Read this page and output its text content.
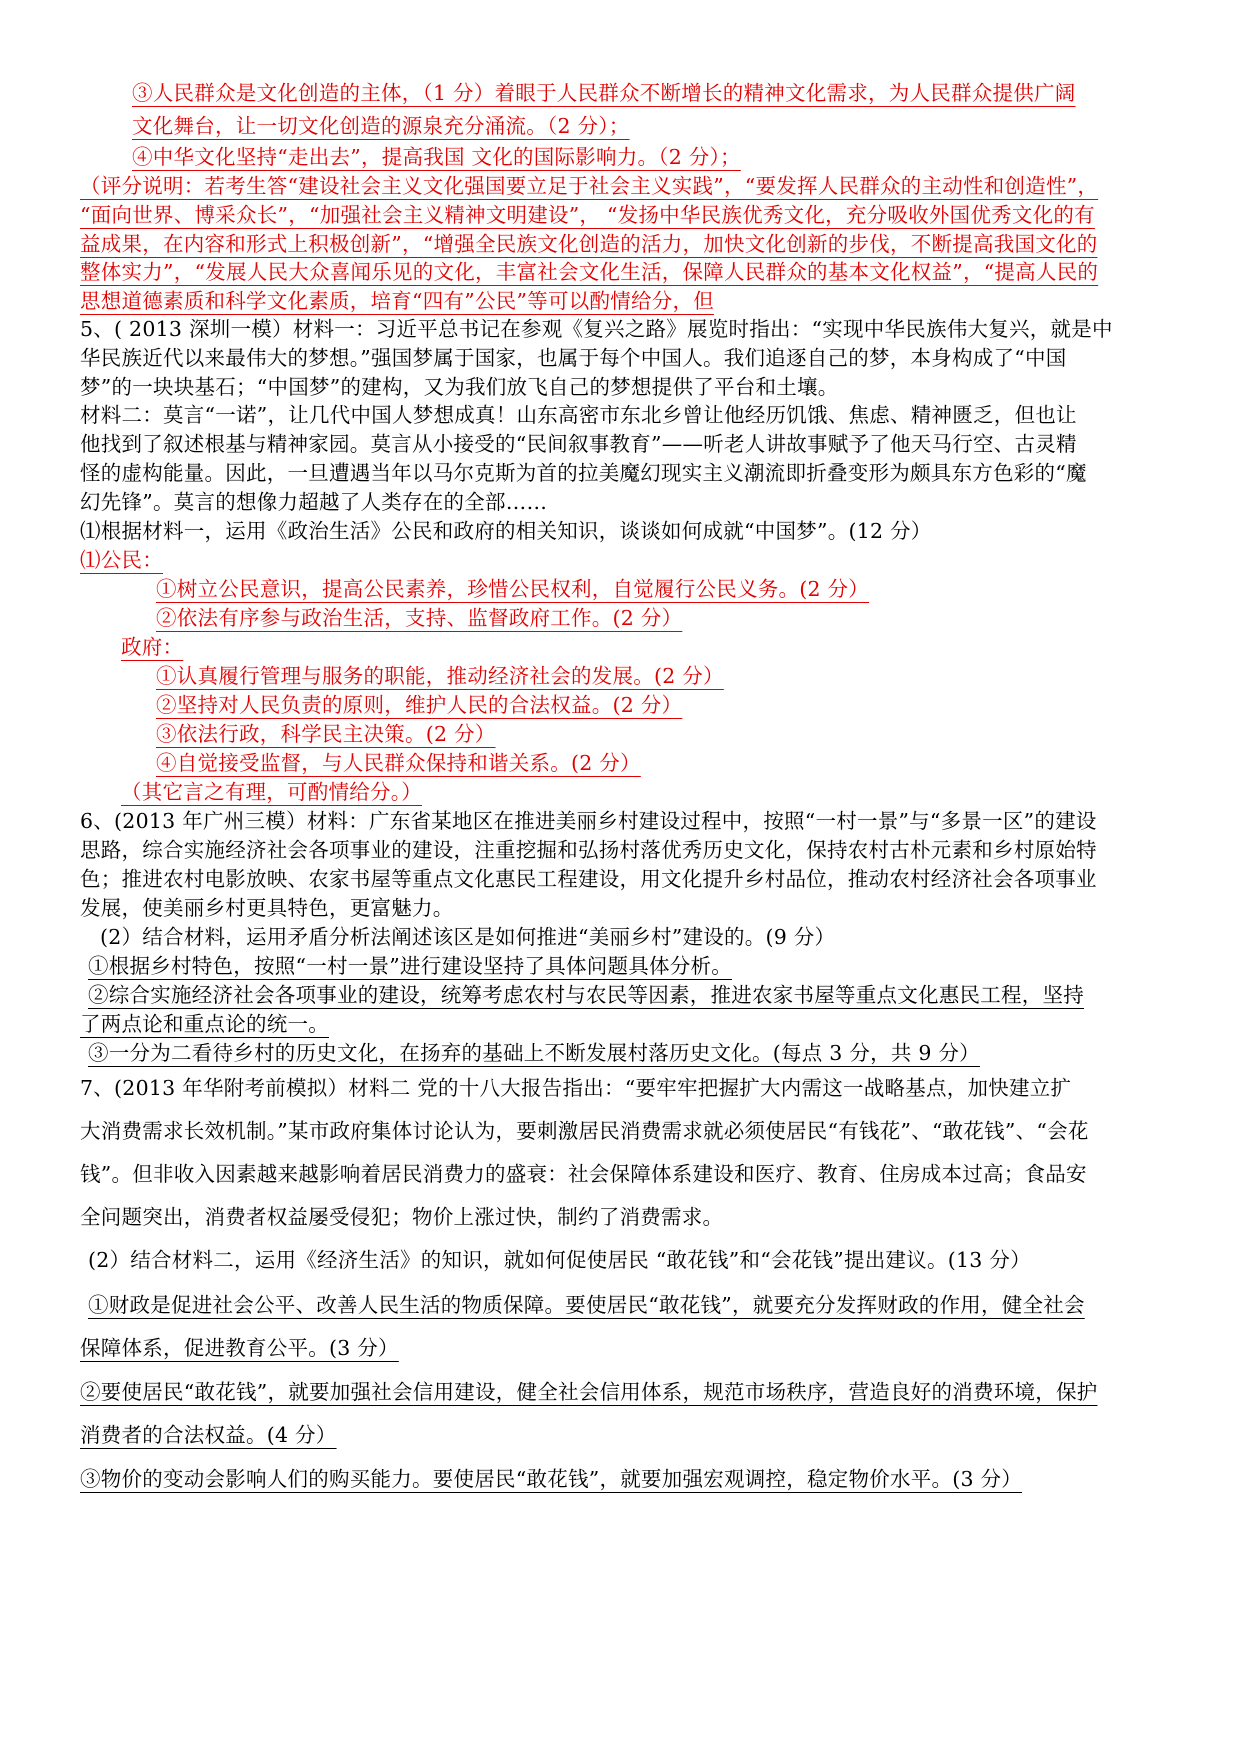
③人民群众是文化创造的主体，（1 分）着眼于人民群众不断增长的精神文化需求，为人民群众提供广阔
文化舞台，让一切文化创造的源泉充分涌流。（2 分）；
④中华文化坚持“走出去”，提高我国 文化的国际影响力。（2 分）；
（评分说明：若考生答“建设社会主义文化强国要立足于社会主义实践”，“要发挥人民群众的主动性和创造性”，
“面向世界、博采众长”，“加强社会主义精神文明建设”， “发扬中华民族优秀文化，充分吸收外国优秀文化的有
益成果，在内容和形式上积极创新”，“增强全民族文化创造的活力，加快文化创新的步伐，不断提高我国文化的
整体实力”，“发展人民大众喜闻乐见的文化，丰富社会文化生活，保障人民群众的基本文化权益”，“提高人民的
思想道德素质和科学文化素质，培育“四有”公民”等可以酌情给分，但
5、( 2013 深圳一模）材料一：习近平总书记在参观《复兴之路》展览时指出：“实现中华民族伟大复兴，就是中
华民族近代以来最伟大的梦想。”强国梦属于国家，也属于每个中国人。我们追逐自己的梦，本身构成了“中国
梦”的一块块基石；“中国梦”的建构，又为我们放飞自己的梦想提供了平台和土壤。
材料二：莫言“一诺”，让几代中国人梦想成真！山东高密市东北乡曾让他经历饥饿、焦虑、精神匮乏，但也让
他找到了叙述根基与精神家园。莫言从小接受的“民间叙事教育”——听老人讲故事赋予了他天马行空、古灵精
怪的虚构能量。因此，一旦遭遇当年以马尔克斯为首的拉美魔幻现实主义潮流即折叠变形为颇具东方色彩的“魔
幻先锋”。莫言的想像力超越了人类存在的全部……
⑴根据材料一，运用《政治生活》公民和政府的相关知识，谈谈如何成就“中国梦”。(12 分）
⑴公民：
①树立公民意识，提高公民素养，珍惜公民权利，自觉履行公民义务。(2 分）
②依法有序参与政治生活，支持、监督政府工作。(2 分）
政府：
①认真履行管理与服务的职能，推动经济社会的发展。(2 分）
②坚持对人民负责的原则，维护人民的合法权益。(2 分）
③依法行政，科学民主决策。(2 分）
④自觉接受监督，与人民群众保持和谐关系。(2 分）
（其它言之有理，可酌情给分。）
6、(2013 年广州三模）材料：广东省某地区在推进美丽乡村建设过程中，按照“一村一景”与“多景一区”的建设
思路，综合实施经济社会各项事业的建设，注重挖掘和弘扬村落优秀历史文化，保持农村古朴元素和乡村原始特
色；推进农村电影放映、农家书屋等重点文化惠民工程建设，用文化提升乡村品位，推动农村经济社会各项事业
发展，使美丽乡村更具特色，更富魅力。
(2）结合材料，运用矛盾分析法阐述该区是如何推进“美丽乡村”建设的。(9 分）
①根据乡村特色，按照“一村一景”进行建设坚持了具体问题具体分析。
②综合实施经济社会各项事业的建设，统筹考虑农村与农民等因素，推进农家书屋等重点文化惠民工程，坚持
了两点论和重点论的统一。
③一分为二看待乡村的历史文化，在扬弃的基础上不断发展村落历史文化。(每点 3 分，共 9 分）
7、(2013 年华附考前模拟）材料二 党的十八大报告指出：“要牢牢把握扩大内需这一战略基点，加快建立扩
大消费需求长效机制。”某市政府集体讨论认为，要刺激居民消费需求就必须使居民“有钱花”、“敢花钱”、“会花
钱”。但非收入因素越来越影响着居民消费力的盛衰：社会保障体系建设和医疗、教育、住房成本过高；食品安
全问题突出，消费者权益屡受侵犯；物价上涨过快，制约了消费需求。
(2）结合材料二，运用《经济生活》的知识，就如何促使居民 “敢花钱”和“会花钱”提出建议。(13 分）
①财政是促进社会公平、改善人民生活的物质保障。要使居民“敢花钱”，就要充分发挥财政的作用，健全社会
保障体系，促进教育公平。(3 分）
②要使居民“敢花钱”，就要加强社会信用建设，健全社会信用体系，规范市场秩序，营造良好的消费环境，保护
消费者的合法权益。(4 分）
③物价的变动会影响人们的购买能力。要使居民“敢花钱”，就要加强宏观调控，稳定物价水平。(3 分）
